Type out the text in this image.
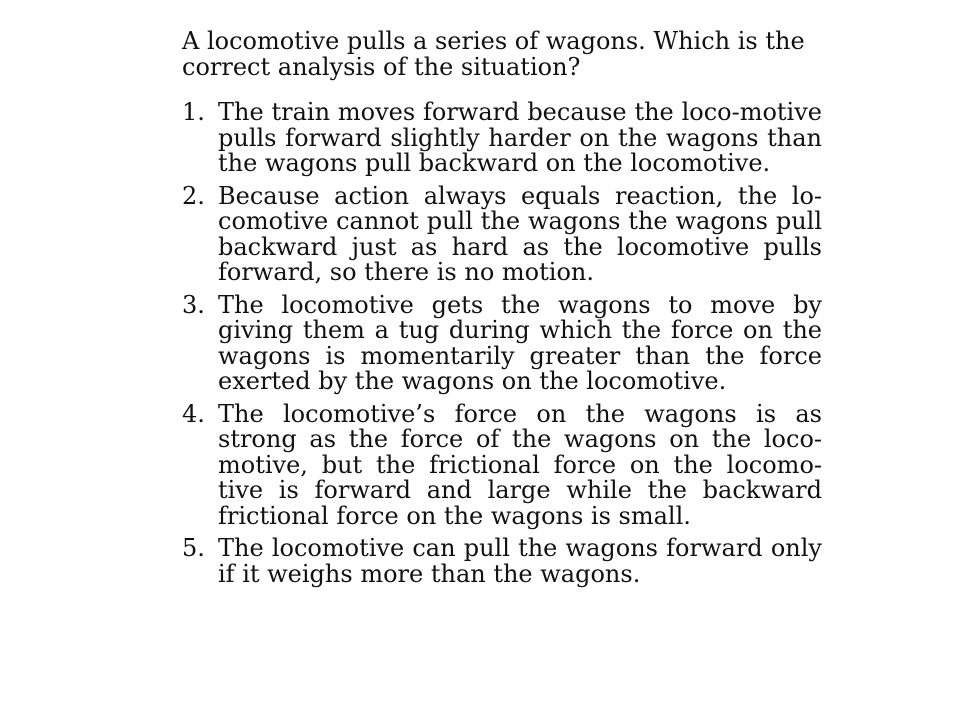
A locomotive pulls a series of wagons. Which is the correct analysis of the situation?

1. The train moves forward because the loco-motive pulls forward slightly harder on the wagons than the wagons pull backward on the locomotive.
2. Because action always equals reaction, the lo-comotive cannot pull the wagons the wagons pull backward just as hard as the locomotive pulls forward, so there is no motion.
3. The locomotive gets the wagons to move by giving them a tug during which the force on the wagons is momentarily greater than the force exerted by the wagons on the locomotive.
4. The locomotive’s force on the wagons is as strong as the force of the wagons on the loco-motive, but the frictional force on the locomo-tive is forward and large while the backward frictional force on the wagons is small.
5. The locomotive can pull the wagons forward only if it weighs more than the wagons.
